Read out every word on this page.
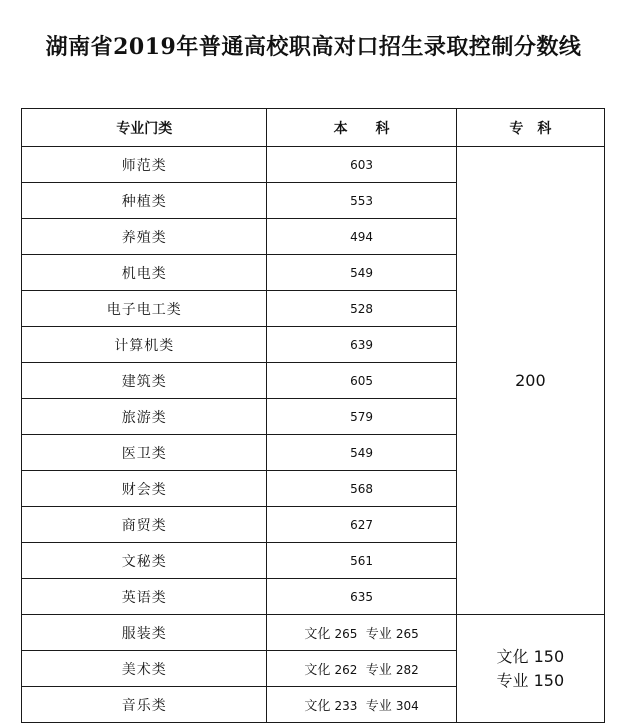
湖南省2019年普通高校职高对口招生录取控制分数线
专业门类	本　　科	专　科
师范类	603	200
种植类	553	
养殖类	494	
机电类	549	
电子电工类	528	
计算机类	639	
建筑类	605	
旅游类	579	
医卫类	549	
财会类	568	
商贸类	627	
文秘类	561	
英语类	635	
服装类	文化 265 专业 265	文化 150
专业 150

美术类	文化 262 专业 282	
音乐类	文化 233 专业 304	
